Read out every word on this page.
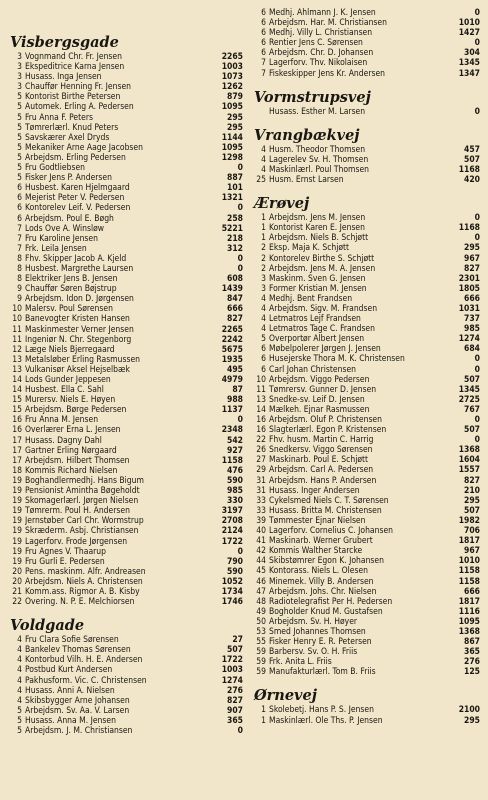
Visbergsgade
3 Vognmand Chr. Fr. Jensen	2265
3 Ekspeditrice Karna Jensen	1003
3 Husass. Inga Jensen	1073
3 Chauffør Henning Fr. Jensen	1262
5 Kontorist Birthe Petersen	879
5 Automek. Erling A. Pedersen	1095
5 Fru Anna F. Peters	295
5 Tømrerlærl. Knud Peters	295
5 Savskærer Axel Dryds	1144
5 Mekaniker Arne Aage Jacobsen	1095
5 Arbejdsm. Erling Pedersen	1298
5 Fru Godtliebsen	0
5 Fisker Jens P. Andersen	887
6 Husbest. Karen Hjelmgaard	101
6 Mejerist Peter V. Pedersen	1321
6 Kontorelev Leif. V. Pedersen	0
6 Arbejdsm. Poul E. Bøgh	258
7 Lods Ove A. Winsløw	5221
7 Fru Karoline Jensen	218
7 Frk. Leila Jensen	312
8 Fhv. Skipper Jacob A. Kjeld	0
8 Husbest. Margrethe Laursen	0
8 Elektriker Jens B. Jensen	608
9 Chauffør Søren Bøjstrup	1439
9 Arbejdsm. Idon D. Jørgensen	847
10 Malersv. Poul Sørensen	666
10 Banevogter Kristen Hansen	827
11 Maskinmester Verner Jensen	2265
11 Ingeniør N. Chr. Stegenborg	2242
12 Læge Niels Bjerregaard	5675
13 Metalsløber Erling Rasmussen	1935
13 Vulkanisør Aksel Hejselbæk	495
14 Lods Gunder Jeppesen	4979
14 Husbest. Ella C. Sahl	87
15 Murersv. Niels E. Høyen	988
15 Arbejdsm. Børge Pedersen	1137
16 Fru Anna M. Jensen	0
16 Overlærer Erna L. Jensen	2348
17 Husass. Dagny Dahl	542
17 Gartner Erling Nørgaard	927
17 Arbejdsm. Hilbert Thomsen	1158
18 Kommis Richard Nielsen	476
19 Boghandlermedhj. Hans Bigum	590
19 Pensionist Amintha Bøgeholdt	985
19 Skomagerlærl. Jørgen Nielsen	330
19 Tømrerm. Poul H. Andersen	3197
19 Jernstøber Carl Chr. Wormstrup	2708
19 Skræderm. Asbj. Christiansen	2124
19 Lagerforv. Frode Jørgensen	1722
19 Fru Agnes V. Thaarup	0
19 Fru Gurli E. Pedersen	790
20 Pens. maskinm. Alfr. Andreasen	590
20 Arbejdsm. Niels A. Christensen	1052
21 Komm.ass. Rigmor A. B. Kisby	1734
22 Overing. N. P. E. Melchiorsen	1746
Voldgade
4 Fru Clara Sofie Sørensen	27
4 Bankelev Thomas Sørensen	507
4 Kontorbud Vilh. H. E. Andersen	1722
4 Postbud Kurt Andersen	1003
4 Pakhusform. Vic. C. Christensen	1274
4 Husass. Anni A. Nielsen	276
4 Skibsbygger Arne Johansen	827
5 Arbejdsm. Sv. Aa. V. Larsen	907
5 Husass. Anna M. Jensen	365
5 Arbejdsm. J. M. Christiansen	0
6 Medhj. Ahlmann J. K. Jensen	0
6 Arbejdsm. Har. M. Christiansen	1010
6 Medhj. Villy L. Christiansen	1427
6 Rentier Jens C. Sørensen	0
6 Arbejdsm. Chr. D. Johansen	304
7 Lagerforv. Thv. Nikolaisen	1345
7 Fiskeskipper Jens Kr. Andersen	1347
Vormstrupsvej
Husass. Esther M. Larsen	0
Vrangbækvej
4 Husm. Theodor Thomsen	457
4 Lagerelev Sv. H. Thomsen	507
4 Maskinlærl. Poul Thomsen	1168
25 Husm. Ernst Larsen	420
Ærøvej
1 Arbejdsm. Jens M. Jensen	0
1 Kontorist Karen E. Jensen	1168
1 Arbejdsm. Niels B. Schjøtt	0
2 Eksp. Maja K. Schjøtt	295
2 Kontorelev Birthe S. Schjøtt	967
2 Arbejdsm. Jens M. A. Jensen	827
3 Maskinm. Sven G. Jensen	2301
3 Former Kristian M. Jensen	1805
4 Medhj. Bent Frandsen	666
4 Arbejdsm. Sigv. M. Frandsen	1031
4 Letmatros Lejf Frandsen	737
4 Letmatros Tage C. Frandsen	985
5 Overportør Albert Jensen	1274
6 Møbelpolerer Jørgen J. Jensen	684
6 Husejerske Thora M. K. Christensen	0
6 Carl Johan Christensen	0
10 Arbejdsm. Viggo Pedersen	507
11 Tømrersv. Gunner D. Jensen	1345
13 Snedke-sv. Leif D. Jensen	2725
14 Mælkeh. Ejnar Rasmussen	767
16 Arbejdsm. Oluf P. Christensen	0
16 Slagterlærl. Egon P. Kristensen	507
22 Fhv. husm. Martin C. Harrig	0
26 Snedkersv. Viggo Sørensen	1368
27 Maskinarb. Poul E. Schjøtt	1604
29 Arbejdsm. Carl A. Pedersen	1557
31 Arbejdsm. Hans P. Andersen	827
31 Husass. Inger Andersen	210
33 Cykelsmed Niels C. T. Sørensen	295
33 Husass. Britta M. Christensen	507
39 Tømmester Ejnar Nielsen	1982
40 Lagerforv. Cornelius C. Johansen	706
41 Maskinarb. Werner Grubert	1817
42 Kommis Walther Starcke	967
44 Skibstømrer Egon K. Johansen	1010
45 Kontorass. Niels L. Olesen	1158
46 Minemek. Villy B. Andersen	1158
47 Arbejdsm. Johs. Chr. Nielsen	666
48 Radiotelegrafist Per H. Pedersen	1817
49 Bogholder Knud M. Gustafsen	1116
50 Arbejdsm. Sv. H. Høyer	1095
53 Smed Johannes Thomsen	1368
55 Fisker Henry E. R. Petersen	867
59 Barbersv. Sv. O. H. Friis	365
59 Frk. Anita L. Friis	276
59 Manufakturlærl. Tom B. Friis	125
Ørnevej
1 Skolebetj. Hans P. S. Jensen	2100
1 Maskinlærl. Ole Ths. P. Jensen	295
